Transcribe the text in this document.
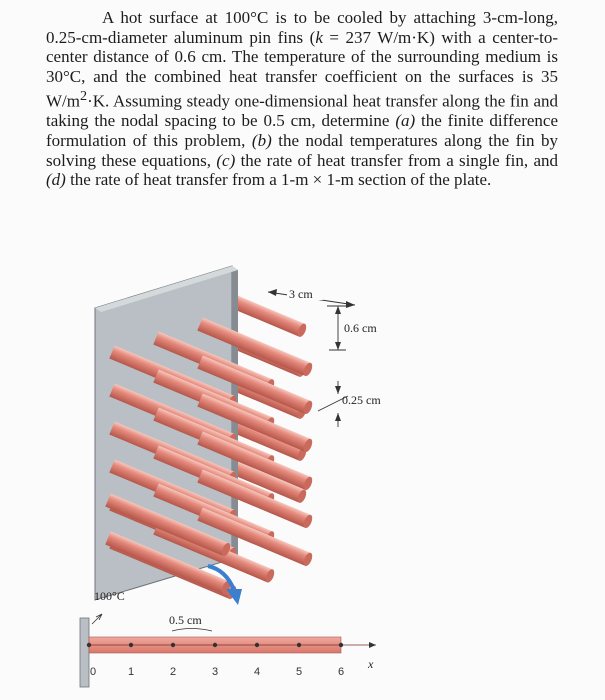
A hot surface at 100°C is to be cooled by attaching 3-cm-long, 0.25-cm-diameter aluminum pin fins (k = 237 W/m·K) with a center-to-center distance of 0.6 cm. The temperature of the surrounding medium is 30°C, and the combined heat transfer coefficient on the surfaces is 35 $W/m^2\cdot K$. Assuming steady one-dimensional heat transfer along the fin and taking the nodal spacing to be 0.5 cm, determine (a) the finite difference formulation of this problem, (b) the nodal temperatures along the fin by solving these equations, (c) the rate of heat transfer from a single fin, and (d) the rate of heat transfer from a 1-m × 1-m section of the plate.

3 cm
0.6 cm
0.25 cm
100°C
x
0.5 cm
0	1	2	3	4	5	6
